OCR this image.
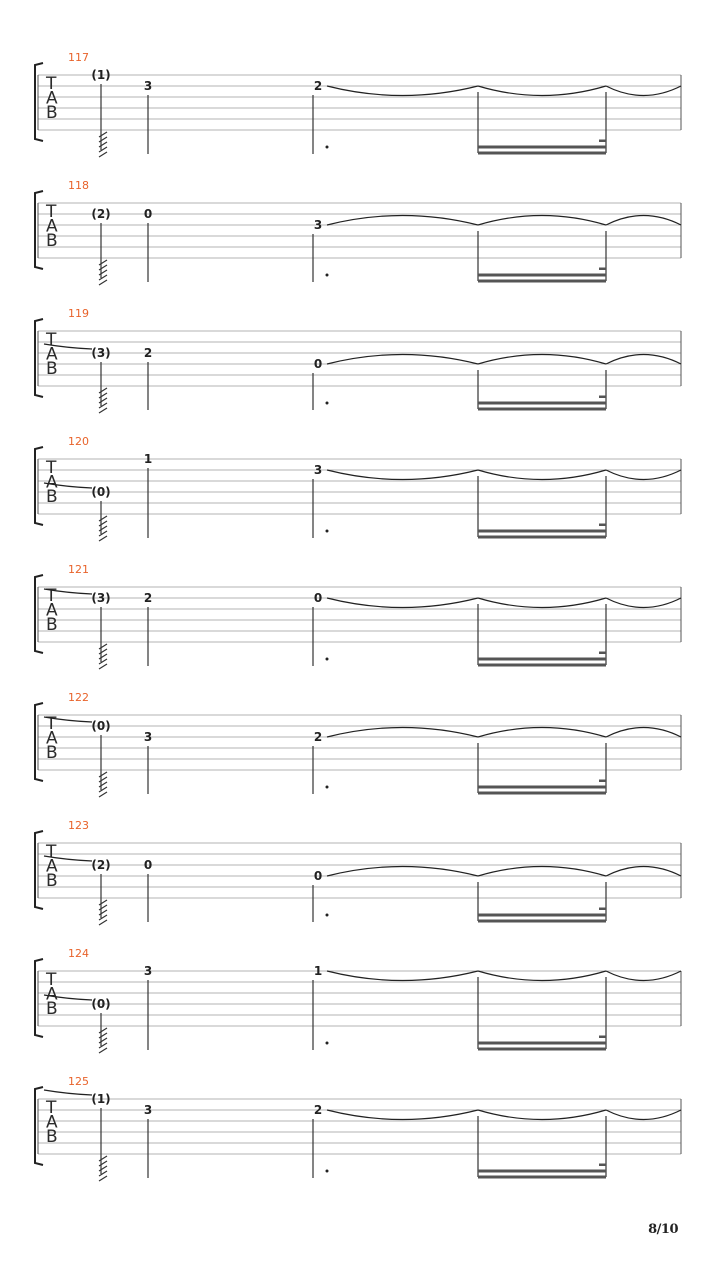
117
T
A
B
(1)
3	2
118
T
A
B
(2)	0
3
119
T
A
B
(3)	2
0
120
T
A
B	(0)
1
3
121
T
A
B
(3)	2	0
122
T
A
B
(0)
3	2
123
T
A
B
(2)	0
0
124
T
A
B	(0)
3	1
125
T
A
B
(1)
3	2
8/10
